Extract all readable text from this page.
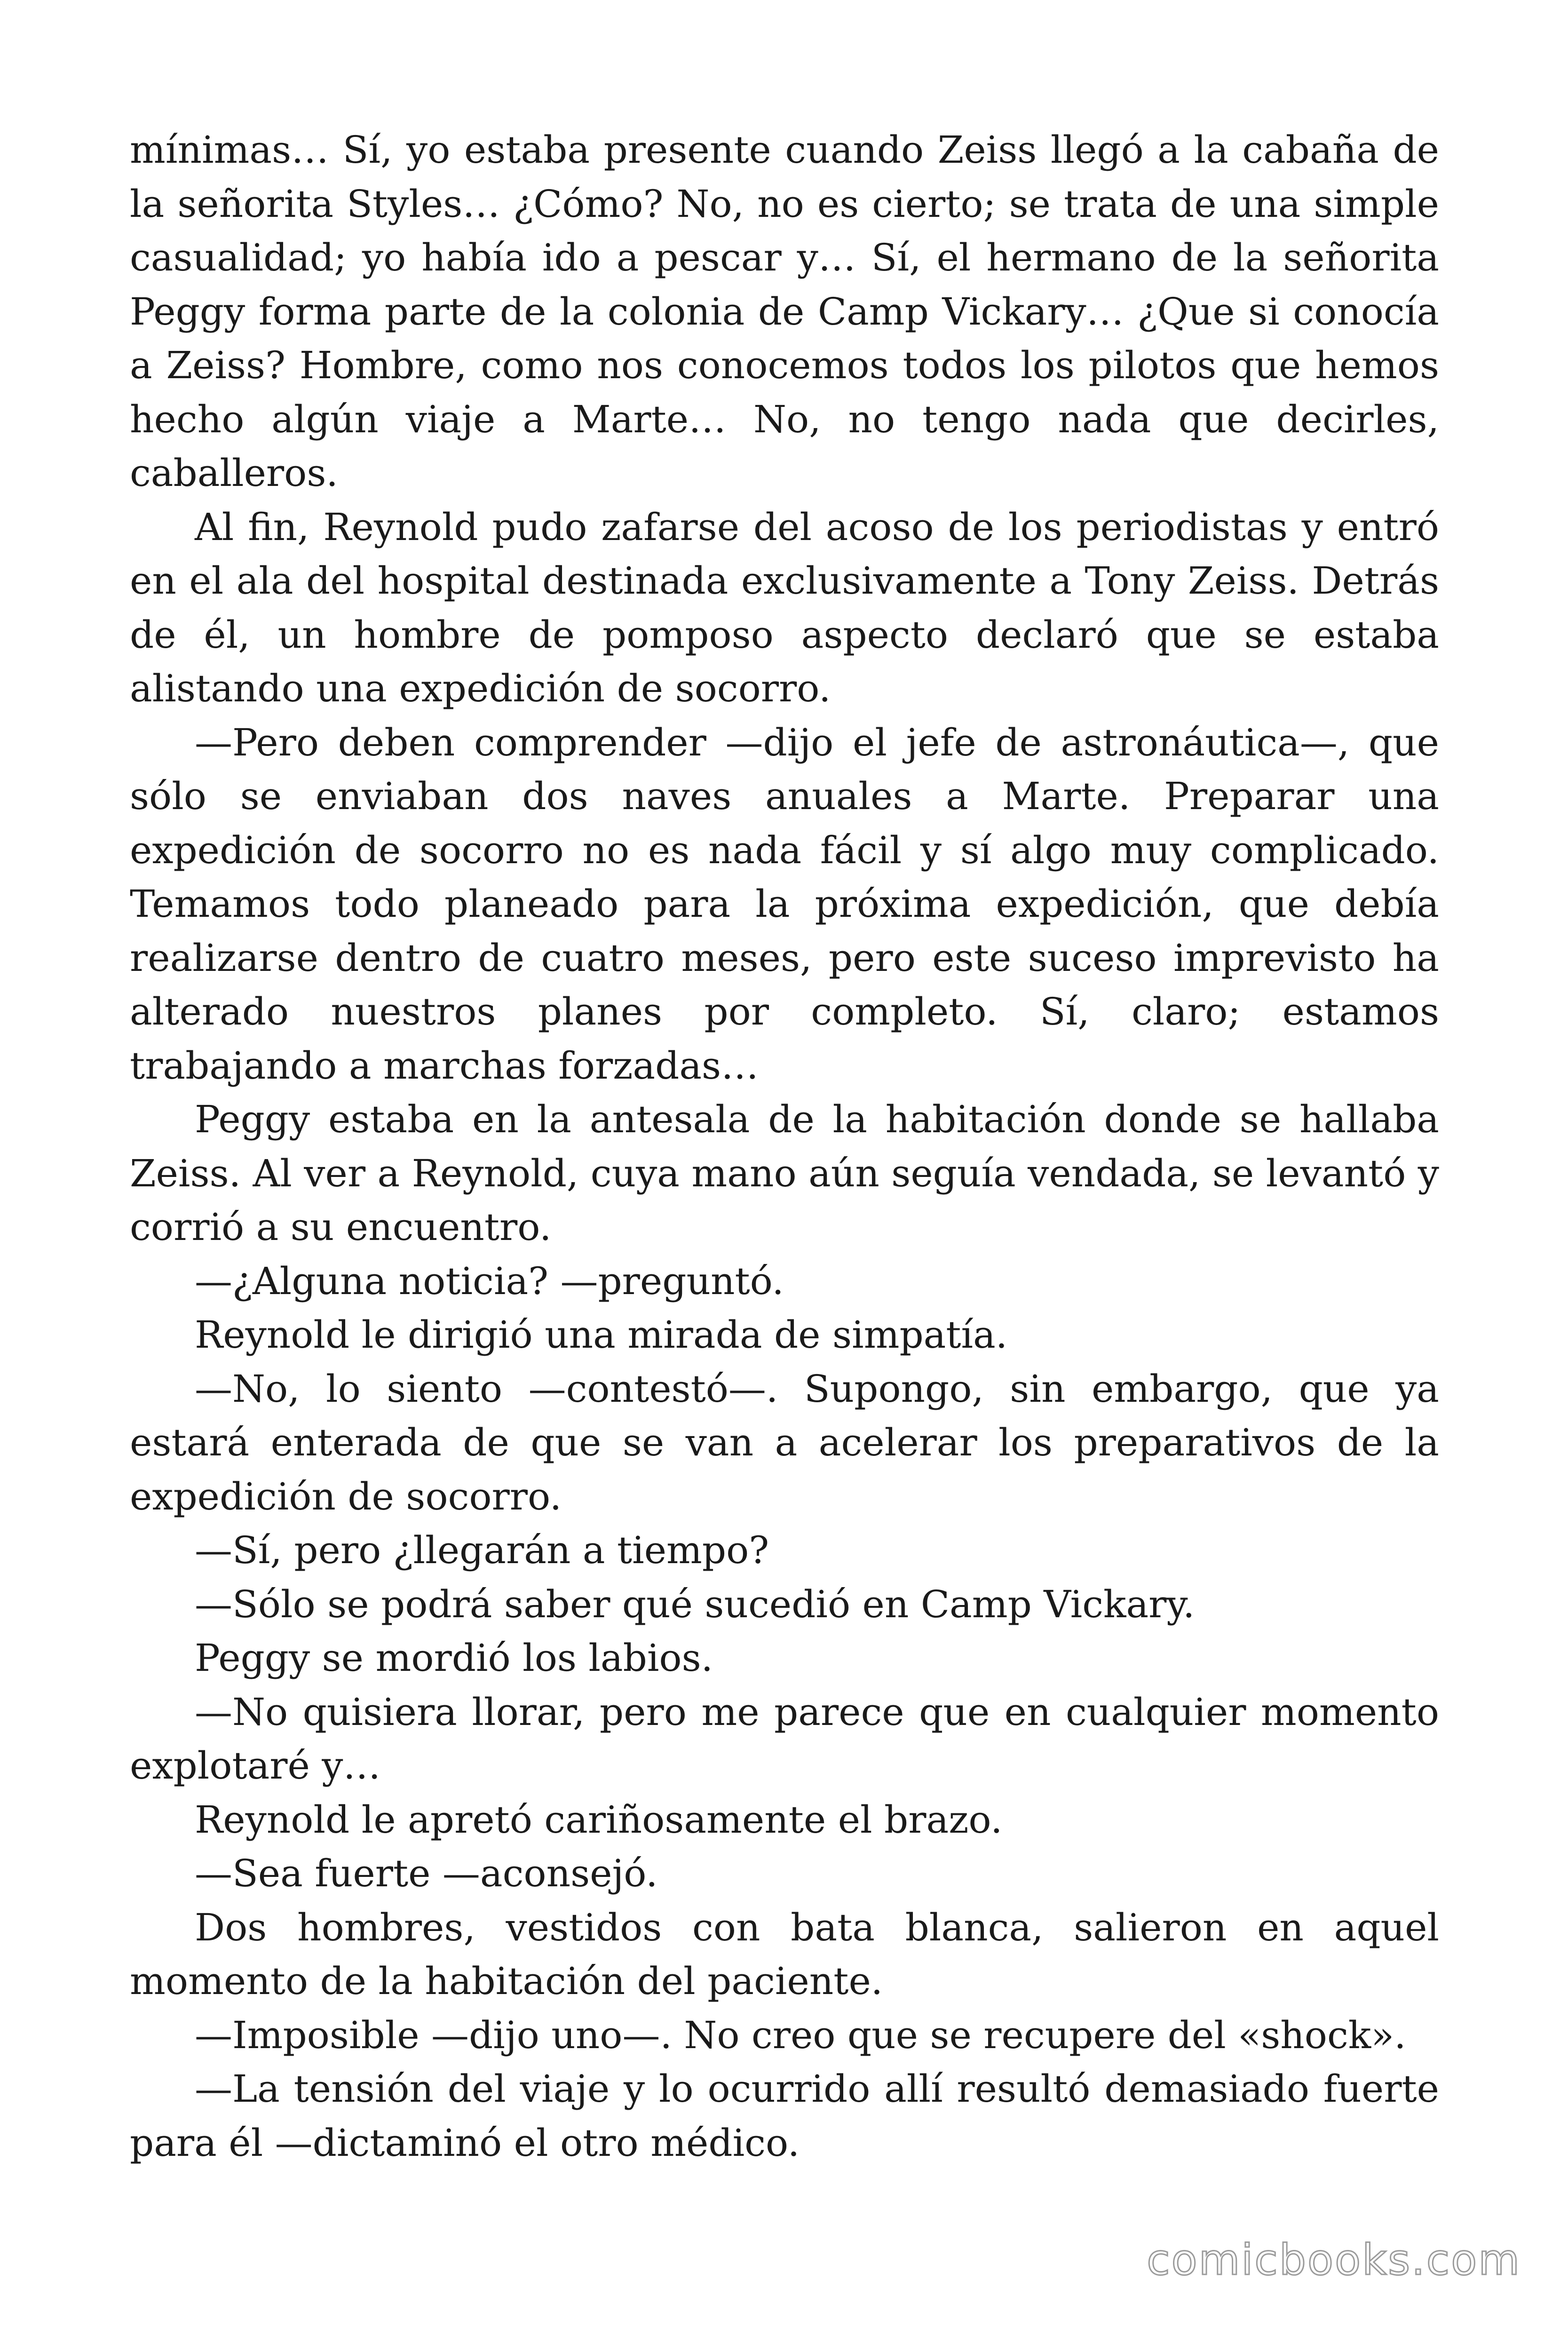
mínimas… Sí, yo estaba presente cuando Zeiss llegó a la cabaña de la señorita Styles… ¿Cómo? No, no es cierto; se trata de una simple casualidad; yo había ido a pescar y… Sí, el hermano de la señorita Peggy forma parte de la colonia de Camp Vickary… ¿Que si conocía a Zeiss? Hombre, como nos conocemos todos los pilotos que hemos hecho algún viaje a Marte… No, no tengo nada que decirles, caballeros.

Al fin, Reynold pudo zafarse del acoso de los periodistas y entró en el ala del hospital destinada exclusivamente a Tony Zeiss. Detrás de él, un hombre de pomposo aspecto declaró que se estaba alistando una expedición de socorro.

—Pero deben comprender —dijo el jefe de astronáutica—, que sólo se enviaban dos naves anuales a Marte. Preparar una expedición de socorro no es nada fácil y sí algo muy complicado. Temamos todo planeado para la próxima expedición, que debía realizarse dentro de cuatro meses, pero este suceso imprevisto ha alterado nuestros planes por completo. Sí, claro; estamos trabajando a marchas forzadas…

Peggy estaba en la antesala de la habitación donde se hallaba Zeiss. Al ver a Reynold, cuya mano aún seguía vendada, se levantó y corrió a su encuentro.

—¿Alguna noticia? —preguntó.

Reynold le dirigió una mirada de simpatía.

—No, lo siento —contestó—. Supongo, sin embargo, que ya estará enterada de que se van a acelerar los preparativos de la expedición de socorro.

—Sí, pero ¿llegarán a tiempo?

—Sólo se podrá saber qué sucedió en Camp Vickary.

Peggy se mordió los labios.

—No quisiera llorar, pero me parece que en cualquier momento explotaré y…

Reynold le apretó cariñosamente el brazo.

—Sea fuerte —aconsejó.

Dos hombres, vestidos con bata blanca, salieron en aquel momento de la habitación del paciente.

—Imposible —dijo uno—. No creo que se recupere del «shock».

—La tensión del viaje y lo ocurrido allí resultó demasiado fuerte para él —dictaminó el otro médico.

comicbooks.com
